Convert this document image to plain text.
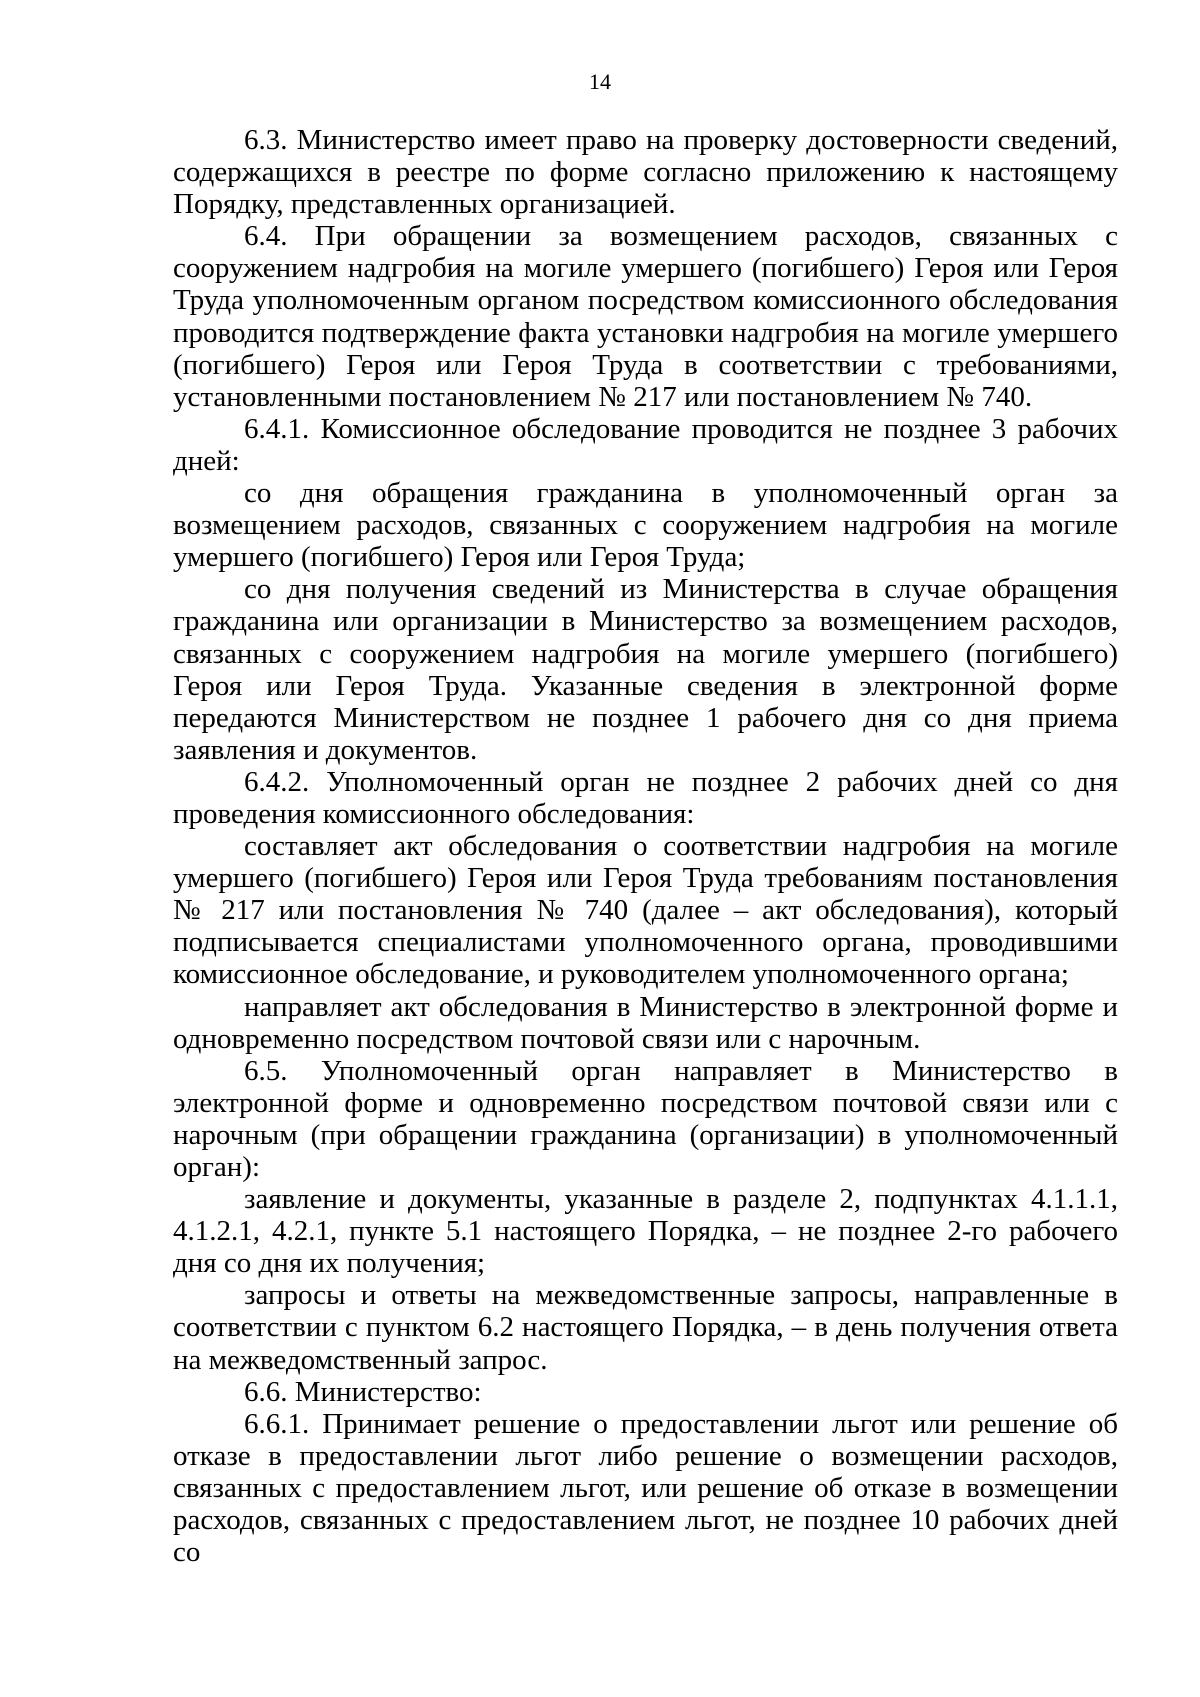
14

6.3. Министерство имеет право на проверку достоверности сведений, содержащихся в реестре по форме согласно приложению к настоящему Порядку, представленных организацией.

6.4. При обращении за возмещением расходов, связанных с сооружением надгробия на могиле умершего (погибшего) Героя или Героя Труда уполномоченным органом посредством комиссионного обследования проводится подтверждение факта установки надгробия на могиле умершего (погибшего) Героя или Героя Труда в соответствии с требованиями, установленными постановлением № 217 или постановлением № 740.

6.4.1. Комиссионное обследование проводится не позднее 3 рабочих дней:

со дня обращения гражданина в уполномоченный орган за возмещением расходов, связанных с сооружением надгробия на могиле умершего (погибшего) Героя или Героя Труда;

со дня получения сведений из Министерства в случае обращения гражданина или организации в Министерство за возмещением расходов, связанных с сооружением надгробия на могиле умершего (погибшего) Героя или Героя Труда. Указанные сведения в электронной форме передаются Министерством не позднее 1 рабочего дня со дня приема заявления и документов.

6.4.2. Уполномоченный орган не позднее 2 рабочих дней со дня проведения комиссионного обследования:

составляет акт обследования о соответствии надгробия на могиле умершего (погибшего) Героя или Героя Труда требованиям постановления № 217 или постановления № 740 (далее – акт обследования), который подписывается специалистами уполномоченного органа, проводившими комиссионное обследование, и руководителем уполномоченного органа;

направляет акт обследования в Министерство в электронной форме и одновременно посредством почтовой связи или с нарочным.

6.5. Уполномоченный орган направляет в Министерство в электронной форме и одновременно посредством почтовой связи или с нарочным (при обращении гражданина (организации) в уполномоченный орган):

заявление и документы, указанные в разделе 2, подпунктах 4.1.1.1, 4.1.2.1, 4.2.1, пункте 5.1 настоящего Порядка, – не позднее 2-го рабочего дня со дня их получения;

запросы и ответы на межведомственные запросы, направленные в соответствии с пунктом 6.2 настоящего Порядка, – в день получения ответа на межведомственный запрос.

6.6. Министерство:

6.6.1. Принимает решение о предоставлении льгот или решение об отказе в предоставлении льгот либо решение о возмещении расходов, связанных с предоставлением льгот, или решение об отказе в возмещении расходов, связанных с предоставлением льгот, не позднее 10 рабочих дней со
